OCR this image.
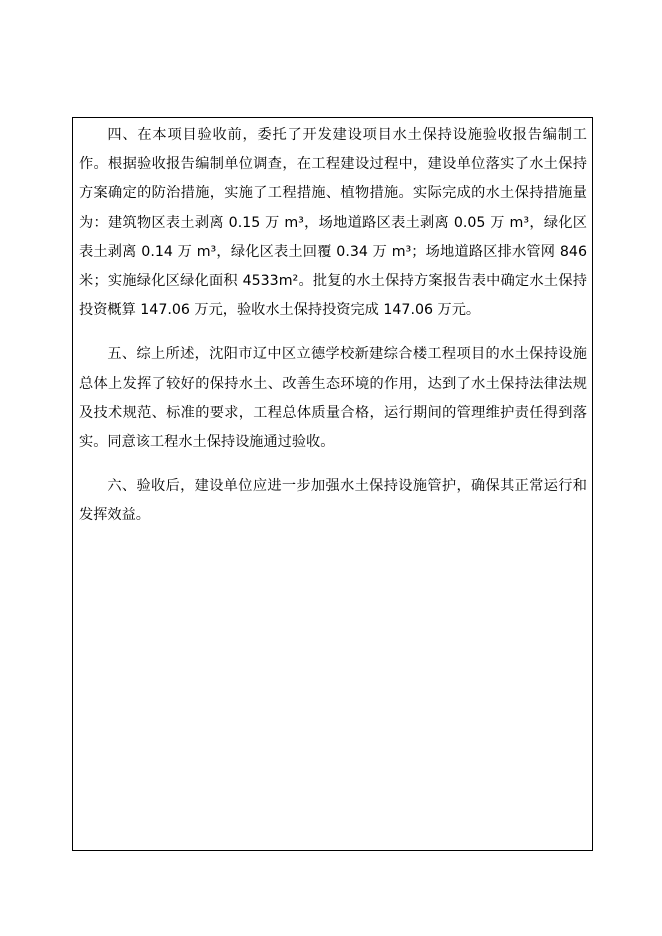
四、在本项目验收前，委托了开发建设项目水土保持设施验收报告编制工作。根据验收报告编制单位调查，在工程建设过程中，建设单位落实了水土保持方案确定的防治措施，实施了工程措施、植物措施。实际完成的水土保持措施量为：建筑物区表土剥离 0.15 万 m³，场地道路区表土剥离 0.05 万 m³，绿化区表土剥离 0.14 万 m³，绿化区表土回覆 0.34 万 m³；场地道路区排水管网 846 米；实施绿化区绿化面积 4533m²。批复的水土保持方案报告表中确定水土保持投资概算 147.06 万元，验收水土保持投资完成 147.06 万元。

五、综上所述，沈阳市辽中区立德学校新建综合楼工程项目的水土保持设施总体上发挥了较好的保持水土、改善生态环境的作用，达到了水土保持法律法规及技术规范、标准的要求，工程总体质量合格，运行期间的管理维护责任得到落实。同意该工程水土保持设施通过验收。

六、验收后，建设单位应进一步加强水土保持设施管护，确保其正常运行和发挥效益。
